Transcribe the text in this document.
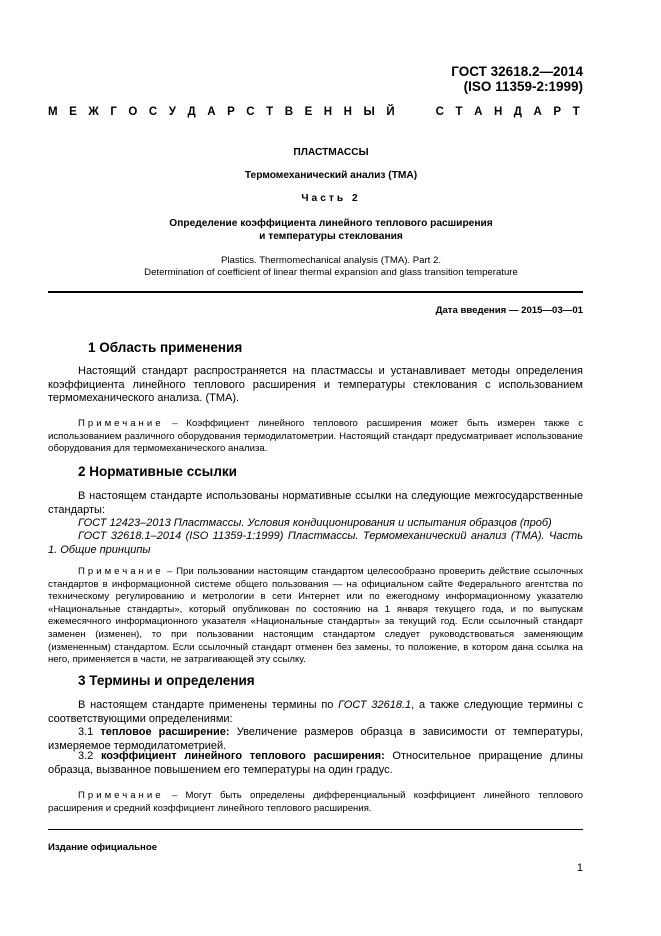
ГОСТ 32618.2—2014
(ISO 11359-2:1999)
М Е Ж Г О С У Д А Р С Т В Е Н Н Ы Й

	С Т А Н Д А Р Т
ПЛАСТМАССЫ
Термомеханический анализ (ТМА)
Часть 2
Определение коэффициента линейного теплового расширения
и температуры стеклования
Plastics. Thermomechanical analysis (TMA). Part 2.
Determination of coefficient of linear thermal expansion and glass transition temperature
Дата введения — 2015—03—01
1 Область применения

Настоящий стандарт распространяется на пластмассы и устанавливает методы определения коэффициента линейного теплового расширения и температуры стеклования с использованием термомеханического анализа. (ТМА).

Примечание – Коэффициент линейного теплового расширения может быть измерен также с использованием различного оборудования термодилатометрии. Настоящий стандарт предусматривает использование оборудования для термомеханического анализа.

2 Нормативные ссылки

В настоящем стандарте использованы нормативные ссылки на следующие межгосударственные стандарты:

ГОСТ 12423–2013 Пластмассы. Условия кондиционирования и испытания образцов (проб)

ГОСТ 32618.1–2014 (ISO 11359-1:1999) Пластмассы. Термомеханический анализ (ТМА). Часть 1. Общие принципы

Примечание – При пользовании настоящим стандартом целесообразно проверить действие ссылочных стандартов в информационной системе общего пользования — на официальном сайте Федерального агентства по техническому регулированию и метрологии в сети Интернет или по ежегодному информационному указателю «Национальные стандарты», который опубликован по состоянию на 1 января текущего года, и по выпускам ежемесячного информационного указателя «Национальные стандарты» за текущий год. Если ссылочный стандарт заменен (изменен), то при пользовании настоящим стандартом следует руководствоваться заменяющим (измененным) стандартом. Если ссылочный стандарт отменен без замены, то положение, в котором дана ссылка на него, применяется в части, не затрагивающей эту ссылку.

3 Термины и определения

В настоящем стандарте применены термины по ГОСТ 32618.1, а также следующие термины с соответствующими определениями:

3.1 тепловое расширение: Увеличение размеров образца в зависимости от температуры, измеряемое термодилатометрией.

3.2 коэффициент линейного теплового расширения: Относительное приращение длины образца, вызванное повышением его температуры на один градус.

Примечание – Могут быть определены дифференциальный коэффициент линейного теплового расширения и средний коэффициент линейного теплового расширения.

Издание официальное
1
